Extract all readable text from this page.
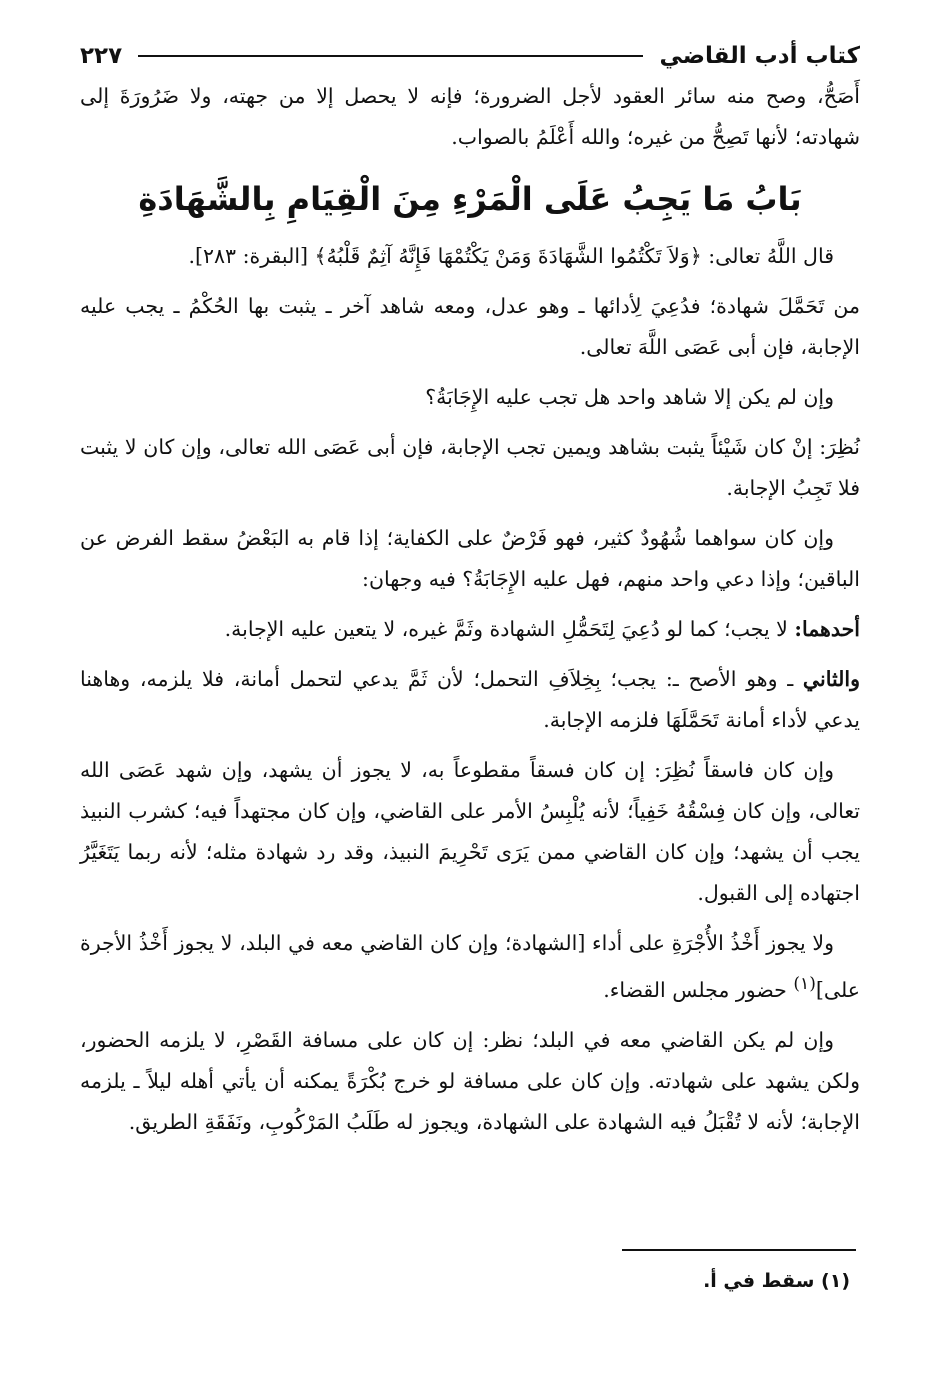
كتاب أدب القاضي
٢٢٧

أَصَحُّ، وصح منه سائر العقود لأجل الضرورة؛ فإنه لا يحصل إلا من جهته، ولا ضَرُورَةَ إلى شهادته؛ لأنها تَصِحُّ من غيره؛ والله أَعْلَمُ بالصواب.

بَابُ مَا يَجِبُ عَلَى الْمَرْءِ مِنَ الْقِيَامِ بِالشَّهَادَةِ

قال اللَّهُ تعالى: ﴿وَلاَ تَكْتُمُوا الشَّهَادَةَ وَمَنْ يَكْتُمْهَا فَإِنَّهُ آثِمٌ قَلْبُهُ﴾ [البقرة: ٢٨٣].

من تَحَمَّلَ شهادة؛ فدُعِيَ لِأدائها ـ وهو عدل، ومعه شاهد آخر ـ يثبت بها الحُكْمُ ـ يجب عليه الإجابة، فإن أبى عَصَى اللَّهَ تعالى.

وإن لم يكن إلا شاهد واحد هل تجب عليه الإِجَابَةُ؟

نُظِرَ: إنْ كان شَيْئاً يثبت بشاهد ويمين تجب الإجابة، فإن أبى عَصَى الله تعالى، وإن كان لا يثبت فلا تَجِبُ الإجابة.

وإن كان سواهما شُهُودٌ كثير، فهو فَرْضٌ على الكفاية؛ إذا قام به البَعْضُ سقط الفرض عن الباقين؛ وإذا دعي واحد منهم، فهل عليه الإِجَابَةُ؟ فيه وجهان:

أحدهما: لا يجب؛ كما لو دُعِيَ لِتَحَمُّلِ الشهادة وثَمَّ غيره، لا يتعين عليه الإجابة.

والثاني ـ وهو الأصح ـ: يجب؛ بِخِلاَفِ التحمل؛ لأن ثَمَّ يدعي لتحمل أمانة، فلا يلزمه، وهاهنا يدعي لأداء أمانة تَحَمَّلَهَا فلزمه الإجابة.

وإن كان فاسقاً نُظِرَ: إن كان فسقاً مقطوعاً به، لا يجوز أن يشهد، وإن شهد عَصَى الله تعالى، وإن كان فِسْقُهُ خَفِياً؛ لأنه يُلْبِسُ الأمر على القاضي، وإن كان مجتهداً فيه؛ كشرب النبيذ يجب أن يشهد؛ وإن كان القاضي ممن يَرَى تَحْرِيمَ النبيذ، وقد رد شهادة مثله؛ لأنه ربما يَتَغَيَّرُ اجتهاده إلى القبول.

ولا يجوز أَخْذُ الأُجْرَةِ على أداء [الشهادة؛ وإن كان القاضي معه في البلد، لا يجوز أَخْذُ الأجرة على]$^{(١)}$ حضور مجلس القضاء.

وإن لم يكن القاضي معه في البلد؛ نظر: إن كان على مسافة القَصْرِ، لا يلزمه الحضور، ولكن يشهد على شهادته. وإن كان على مسافة لو خرج بُكْرَةً يمكنه أن يأتي أهله ليلاً ـ يلزمه الإجابة؛ لأنه لا تُقْبَلُ فيه الشهادة على الشهادة، ويجوز له طَلَبُ المَرْكُوبِ، ونَفَقَةِ الطريق.

(١) سقط في أ.
